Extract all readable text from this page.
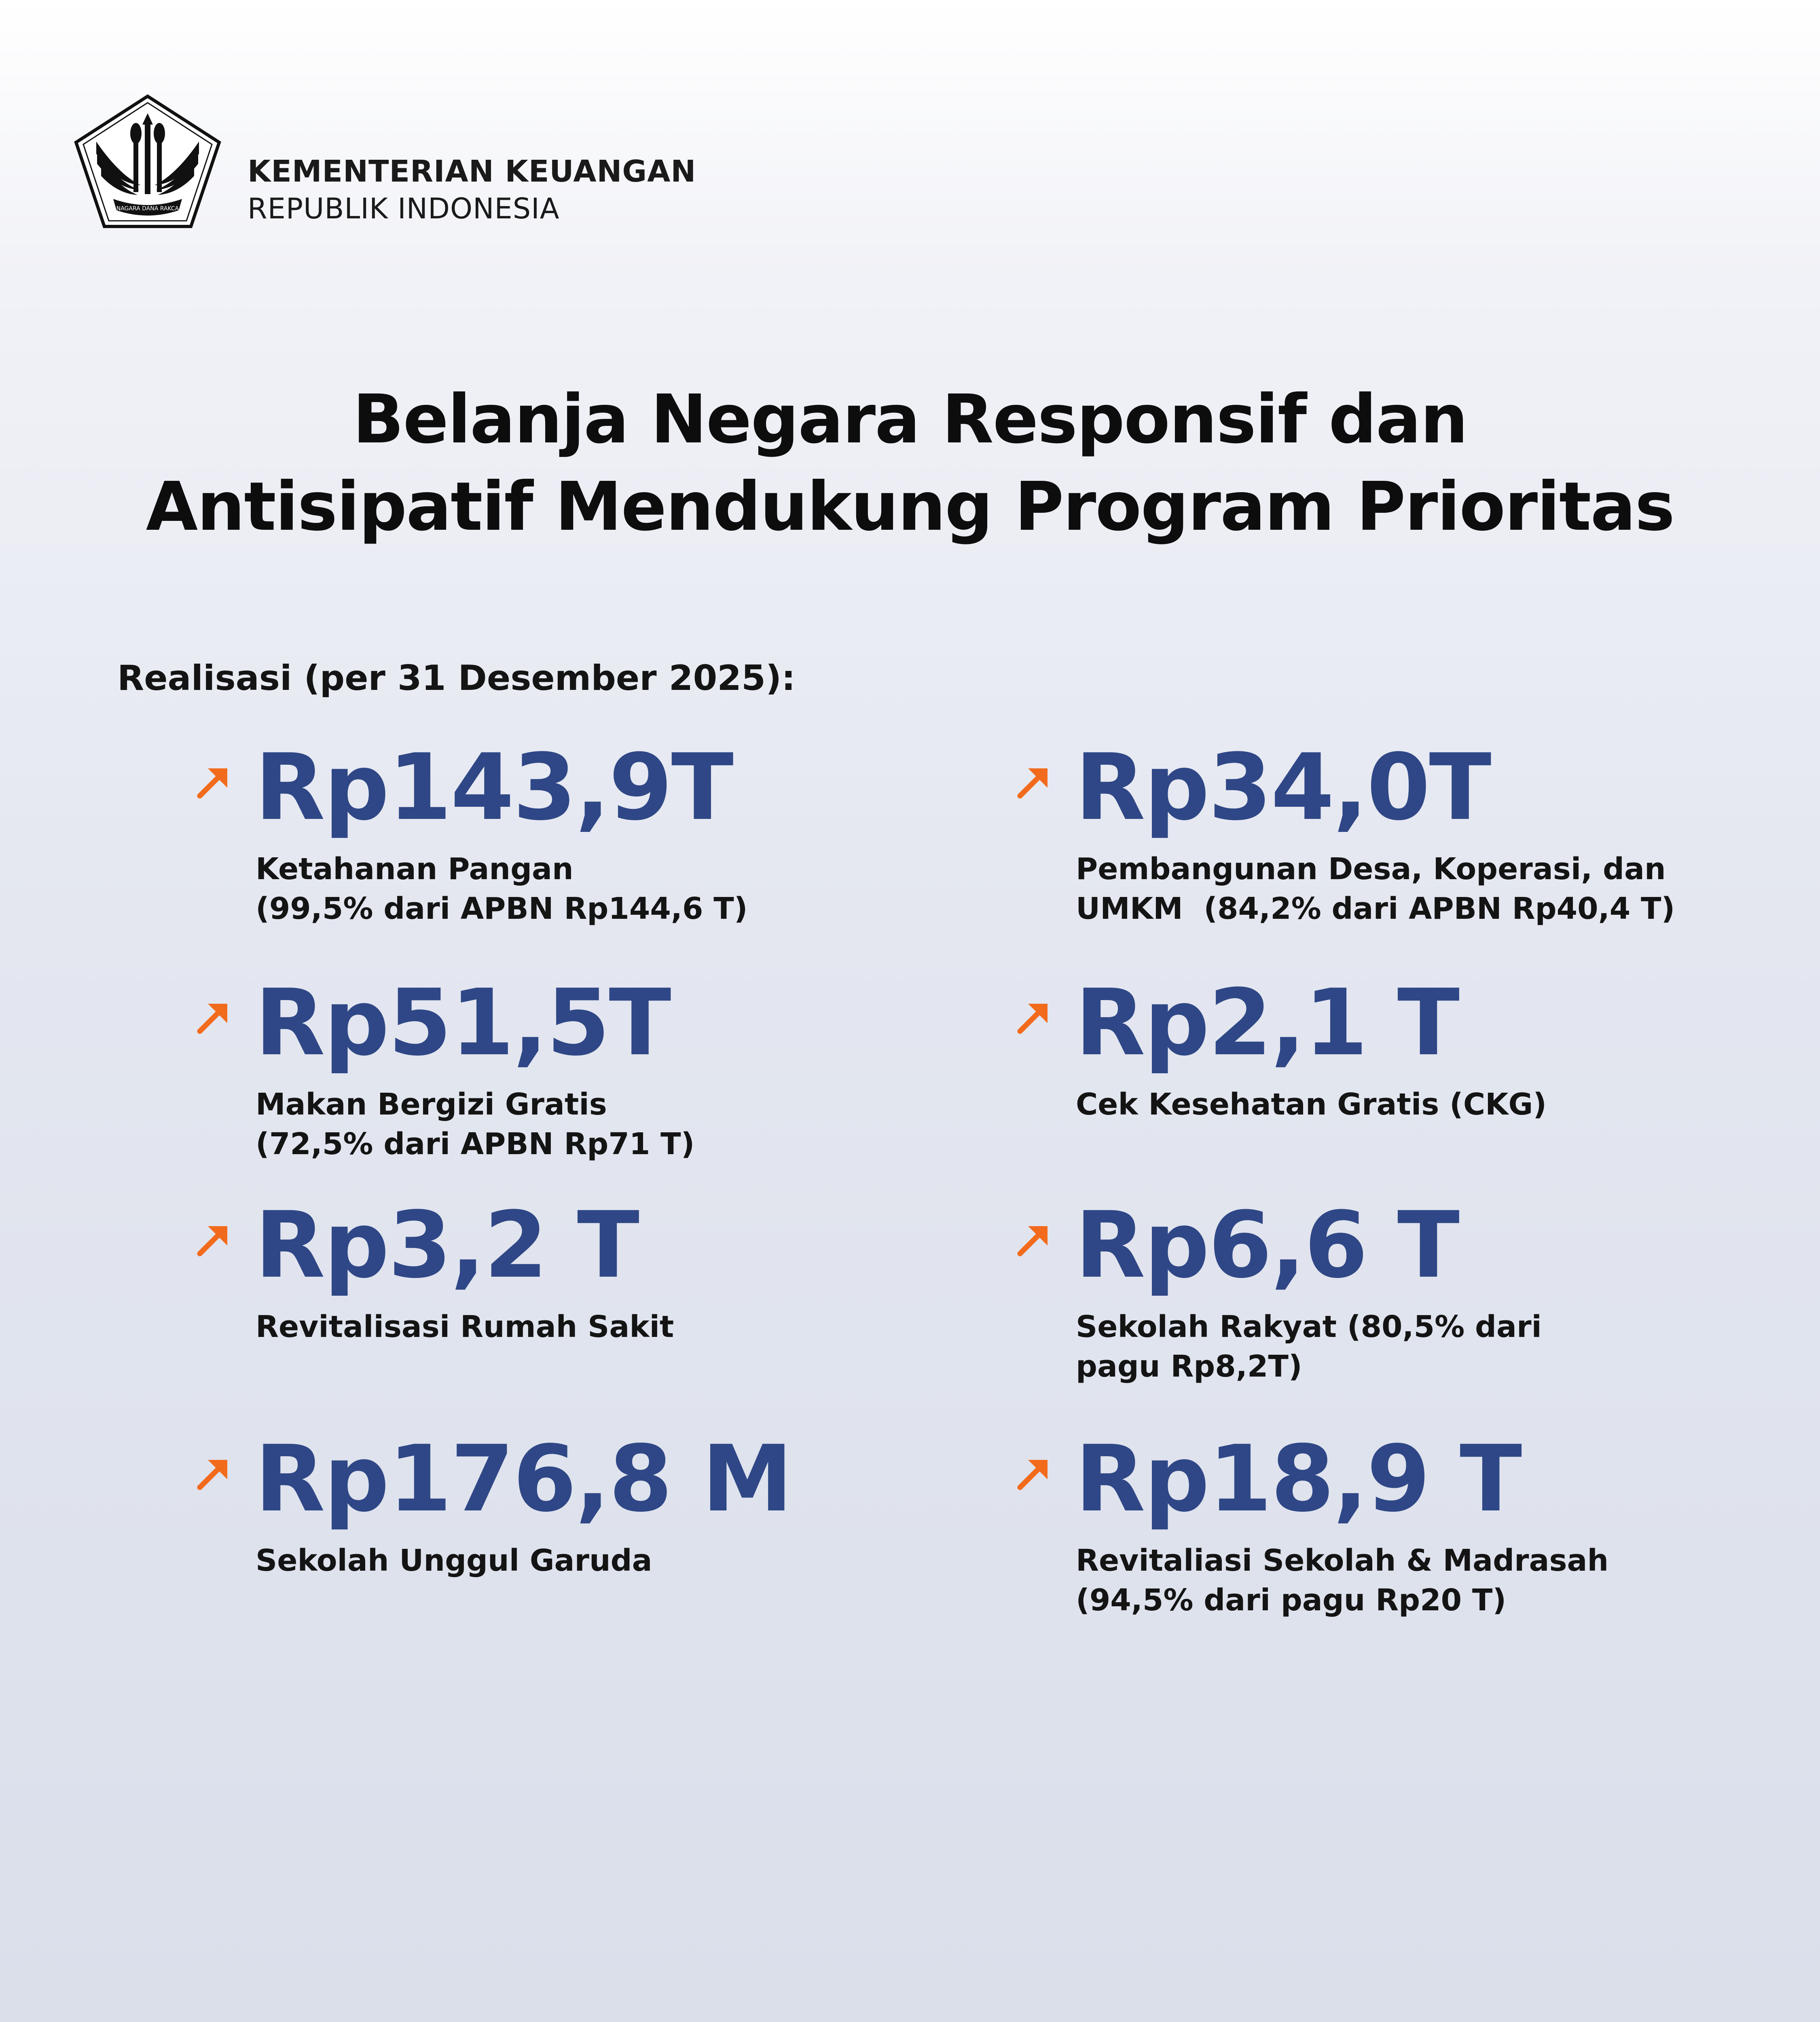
NAGARA DANA RAKCA
KEMENTERIAN KEUANGAN
REPUBLIK INDONESIA
Belanja Negara Responsif dan
Antisipatif Mendukung Program Prioritas
Realisasi (per 31 Desember 2025):
Rp143,9T
Ketahanan Pangan
(99,5% dari APBN Rp144,6 T)
Rp34,0T
Pembangunan Desa, Koperasi, dan
UMKM  (84,2% dari APBN Rp40,4 T)
Rp51,5T
Makan Bergizi Gratis
(72,5% dari APBN Rp71 T)
Rp2,1 T
Cek Kesehatan Gratis (CKG)
Rp3,2 T
Revitalisasi Rumah Sakit
Rp6,6 T
Sekolah Rakyat (80,5% dari
pagu Rp8,2T)
Rp176,8 M
Sekolah Unggul Garuda
Rp18,9 T
Revitaliasi Sekolah & Madrasah
(94,5% dari pagu Rp20 T)
